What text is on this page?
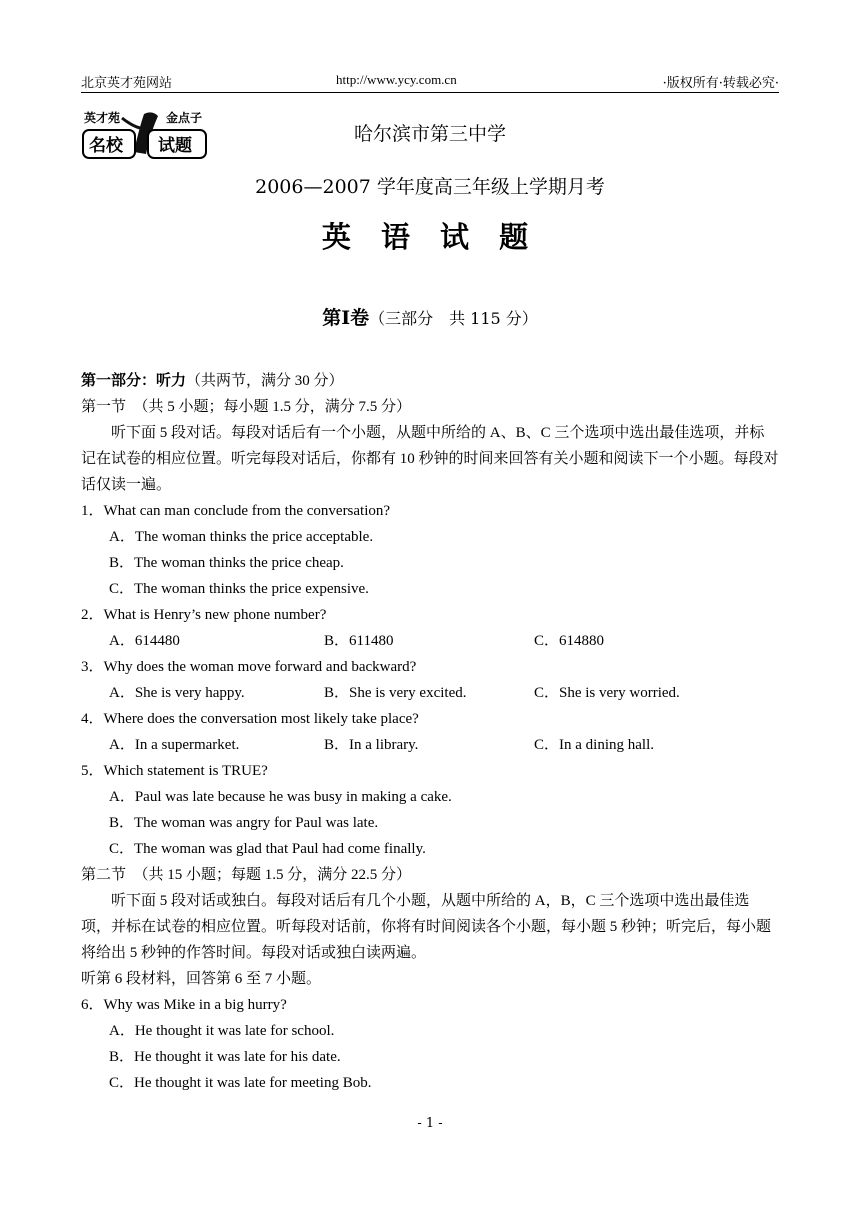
北京英才苑网站	http://www.ycy.com.cn	·版权所有·转载必究·
英才苑	金点子
名校 试题
哈尔滨市第三中学
2006—2007 学年度高三年级上学期月考
英 语 试 题
第Ⅰ卷（三部分　共 115 分）
第一部分：听力（共两节，满分 30 分）
第一节　（共 5 小题；每小题 1.5 分，满分 7.5 分）
听下面 5 段对话。每段对话后有一个小题，从题中所给的 A、B、C 三个选项中选出最佳选项，并标记在试卷的相应位置。听完每段对话后，你都有 10 秒钟的时间来回答有关小题和阅读下一个小题。每段对话仅读一遍。
1．What can man conclude from the conversation?
A．The woman thinks the price acceptable.
B．The woman thinks the price cheap.
C．The woman thinks the price expensive.
2．What is Henry’s new phone number?
A．614480	B．611480	C．614880
3．Why does the woman move forward and backward?
A．She is very happy.	B．She is very excited.	C．She is very worried.
4．Where does the conversation most likely take place?
A．In a supermarket.	B．In a library.	C．In a dining hall.
5．Which statement is TRUE?
A．Paul was late because he was busy in making a cake.
B．The woman was angry for Paul was late.
C．The woman was glad that Paul had come finally.
第二节　（共 15 小题；每题 1.5 分，满分 22.5 分）
听下面 5 段对话或独白。每段对话后有几个小题，从题中所给的 A，B，C 三个选项中选出最佳选项，并标在试卷的相应位置。听每段对话前，你将有时间阅读各个小题，每小题 5 秒钟；听完后，每小题将给出 5 秒钟的作答时间。每段对话或独白读两遍。
听第 6 段材料，回答第 6 至 7 小题。
6．Why was Mike in a big hurry?
A．He thought it was late for school.
B．He thought it was late for his date.
C．He thought it was late for meeting Bob.
- 1 -
